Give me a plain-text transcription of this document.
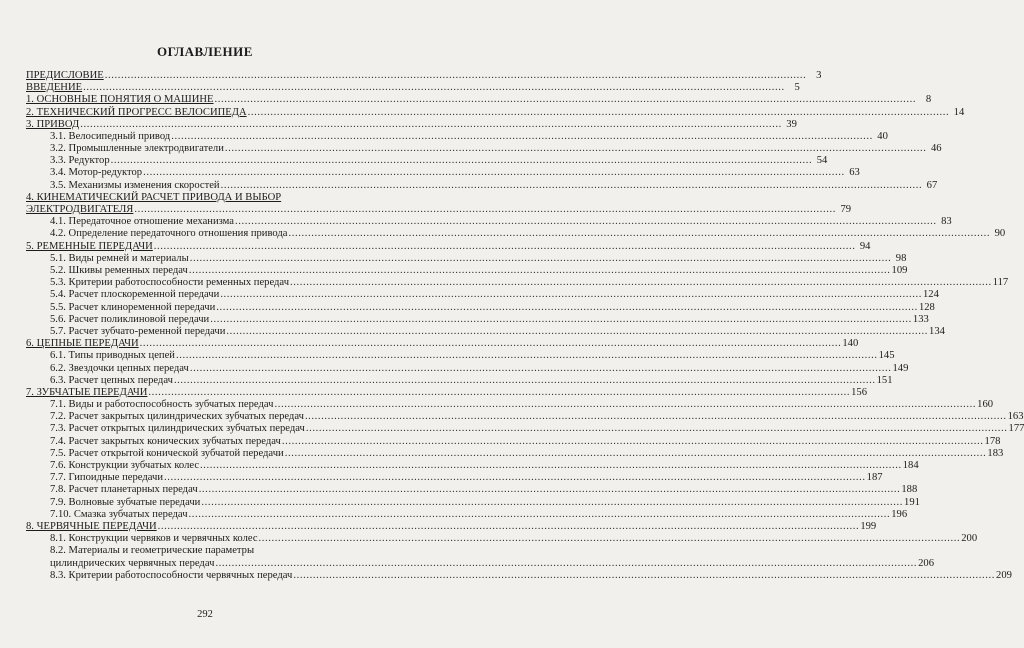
ОГЛАВЛЕНИЕ
ПРЕДИСЛОВИЕ .....	3
ВВЕДЕНИЕ .....	5
1. ОСНОВНЫЕ ПОНЯТИЯ О МАШИНЕ .....	8
2. ТЕХНИЧЕСКИЙ ПРОГРЕСС ВЕЛОСИПЕДА .....	14
3. ПРИВОД .....	39
3.1. Велосипедный привод .....	40
3.2. Промышленные электродвигатели .....	46
3.3. Редуктор .....	54
3.4. Мотор-редуктор .....	63
3.5. Механизмы изменения скоростей .....	67
4. КИНЕМАТИЧЕСКИЙ РАСЧЕТ ПРИВОДА И ВЫБОР
ЭЛЕКТРОДВИГАТЕЛЯ .....	79
4.1. Передаточное отношение механизма .....	83
4.2. Определение передаточного отношения привода .....	90
5. РЕМЕННЫЕ ПЕРЕДАЧИ .....	94
5.1. Виды ремней и материалы .....	98
5.2. Шкивы ременных передач .....	109
5.3. Критерии работоспособности ременных передач .....	117
5.4. Расчет плоскоременной передачи .....	124
5.5. Расчет клиноременной передачи .....	128
5.6. Расчет поликлиновой передачи .....	133
5.7. Расчет зубчато-ременной передачи .....	134
6. ЦЕПНЫЕ ПЕРЕДАЧИ .....	140
6.1. Типы приводных цепей .....	145
6.2. Звездочки цепных передач .....	149
6.3. Расчет цепных передач .....	151
7. ЗУБЧАТЫЕ ПЕРЕДАЧИ .....	156
7.1. Виды и работоспособность зубчатых передач .....	160
7.2. Расчет закрытых цилиндрических зубчатых передач .....	163
7.3. Расчет открытых цилиндрических зубчатых передач .....	177
7.4. Расчет закрытых конических зубчатых передач .....	178
7.5. Расчет открытой конической зубчатой передачи .....	183
7.6. Конструкции зубчатых колес .....	184
7.7. Гипоидные передачи .....	187
7.8. Расчет планетарных передач .....	188
7.9. Волновые зубчатые передачи .....	191
7.10. Смазка зубчатых передач .....	196
8. ЧЕРВЯЧНЫЕ ПЕРЕДАЧИ .....	199
8.1. Конструкции червяков и червячных колес .....	200
8.2. Материалы и геометрические параметры
цилиндрических червячных передач .....	206
8.3. Критерии работоспособности червячных передач .....	209
292
